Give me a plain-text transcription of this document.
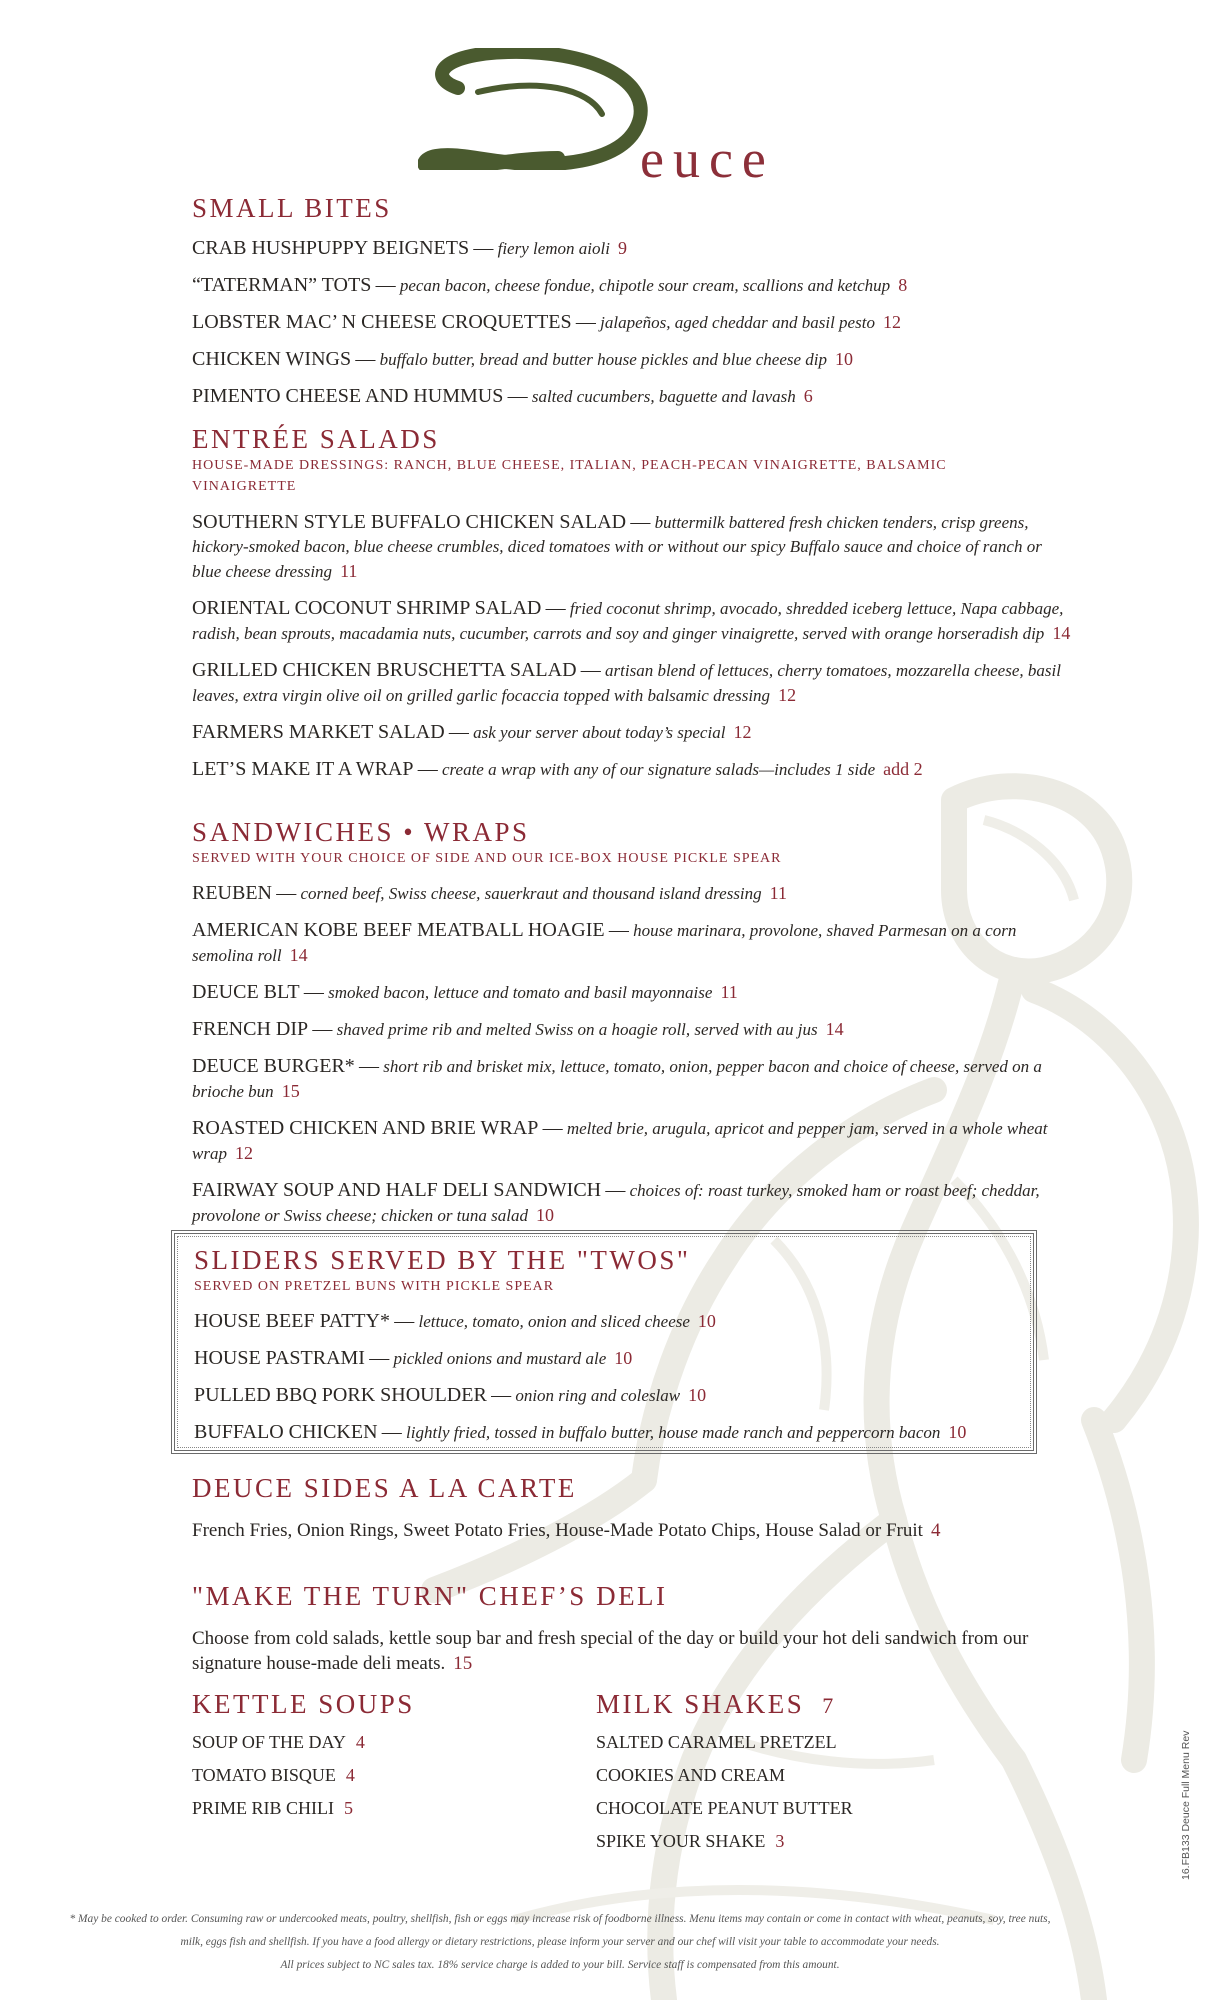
euce
SMALL BITES
CRAB HUSHPUPPY BEIGNETS — fiery lemon aioli 9
“TATERMAN” TOTS — pecan bacon, cheese fondue, chipotle sour cream, scallions and ketchup 8
LOBSTER MAC’ N CHEESE CROQUETTES — jalapeños, aged cheddar and basil pesto 12
CHICKEN WINGS — buffalo butter, bread and butter house pickles and blue cheese dip 10
PIMENTO CHEESE AND HUMMUS — salted cucumbers, baguette and lavash 6
ENTRÉE SALADS
HOUSE-MADE DRESSINGS: RANCH, BLUE CHEESE, ITALIAN, PEACH-PECAN VINAIGRETTE, BALSAMIC VINAIGRETTE
SOUTHERN STYLE BUFFALO CHICKEN SALAD — buttermilk battered fresh chicken tenders, crisp greens, hickory-smoked bacon, blue cheese crumbles, diced tomatoes with or without our spicy Buffalo sauce and choice of ranch or blue cheese dressing 11
ORIENTAL COCONUT SHRIMP SALAD — fried coconut shrimp, avocado, shredded iceberg lettuce, Napa cabbage, radish, bean sprouts, macadamia nuts, cucumber, carrots and soy and ginger vinaigrette, served with orange horseradish dip 14
GRILLED CHICKEN BRUSCHETTA SALAD — artisan blend of lettuces, cherry tomatoes, mozzarella cheese, basil leaves, extra virgin olive oil on grilled garlic focaccia topped with balsamic dressing 12
FARMERS MARKET SALAD — ask your server about today’s special 12
LET’S MAKE IT A WRAP — create a wrap with any of our signature salads—includes 1 side add 2
SANDWICHES • WRAPS
SERVED WITH YOUR CHOICE OF SIDE AND OUR ICE-BOX HOUSE PICKLE SPEAR
REUBEN — corned beef, Swiss cheese, sauerkraut and thousand island dressing 11
AMERICAN KOBE BEEF MEATBALL HOAGIE — house marinara, provolone, shaved Parmesan on a corn semolina roll 14
DEUCE BLT — smoked bacon, lettuce and tomato and basil mayonnaise 11
FRENCH DIP — shaved prime rib and melted Swiss on a hoagie roll, served with au jus 14
DEUCE BURGER* — short rib and brisket mix, lettuce, tomato, onion, pepper bacon and choice of cheese, served on a brioche bun 15
ROASTED CHICKEN AND BRIE WRAP — melted brie, arugula, apricot and pepper jam, served in a whole wheat wrap 12
FAIRWAY SOUP AND HALF DELI SANDWICH — choices of: roast turkey, smoked ham or roast beef; cheddar, provolone or Swiss cheese; chicken or tuna salad 10
SLIDERS SERVED BY THE "TWOS"
SERVED ON PRETZEL BUNS WITH PICKLE SPEAR
HOUSE BEEF PATTY* — lettuce, tomato, onion and sliced cheese 10
HOUSE PASTRAMI — pickled onions and mustard ale 10
PULLED BBQ PORK SHOULDER — onion ring and coleslaw 10
BUFFALO CHICKEN — lightly fried, tossed in buffalo butter, house made ranch and peppercorn bacon 10
DEUCE SIDES A LA CARTE
French Fries, Onion Rings, Sweet Potato Fries, House-Made Potato Chips, House Salad or Fruit 4
"MAKE THE TURN" CHEF’S DELI
Choose from cold salads, kettle soup bar and fresh special of the day or build your hot deli sandwich from our signature house-made deli meats. 15
KETTLE SOUPS
SOUP OF THE DAY 4
TOMATO BISQUE 4
PRIME RIB CHILI 5
MILK SHAKES 7
SALTED CARAMEL PRETZEL
COOKIES AND CREAM
CHOCOLATE PEANUT BUTTER
SPIKE YOUR SHAKE 3
* May be cooked to order. Consuming raw or undercooked meats, poultry, shellfish, fish or eggs may increase risk of foodborne illness. Menu items may contain or come in contact with wheat, peanuts, soy, tree nuts,
milk, eggs fish and shellfish. If you have a food allergy or dietary restrictions, please inform your server and our chef will visit your table to accommodate your needs.
All prices subject to NC sales tax. 18% service charge is added to your bill. Service staff is compensated from this amount.
16.FB133 Deuce Full Menu Rev
